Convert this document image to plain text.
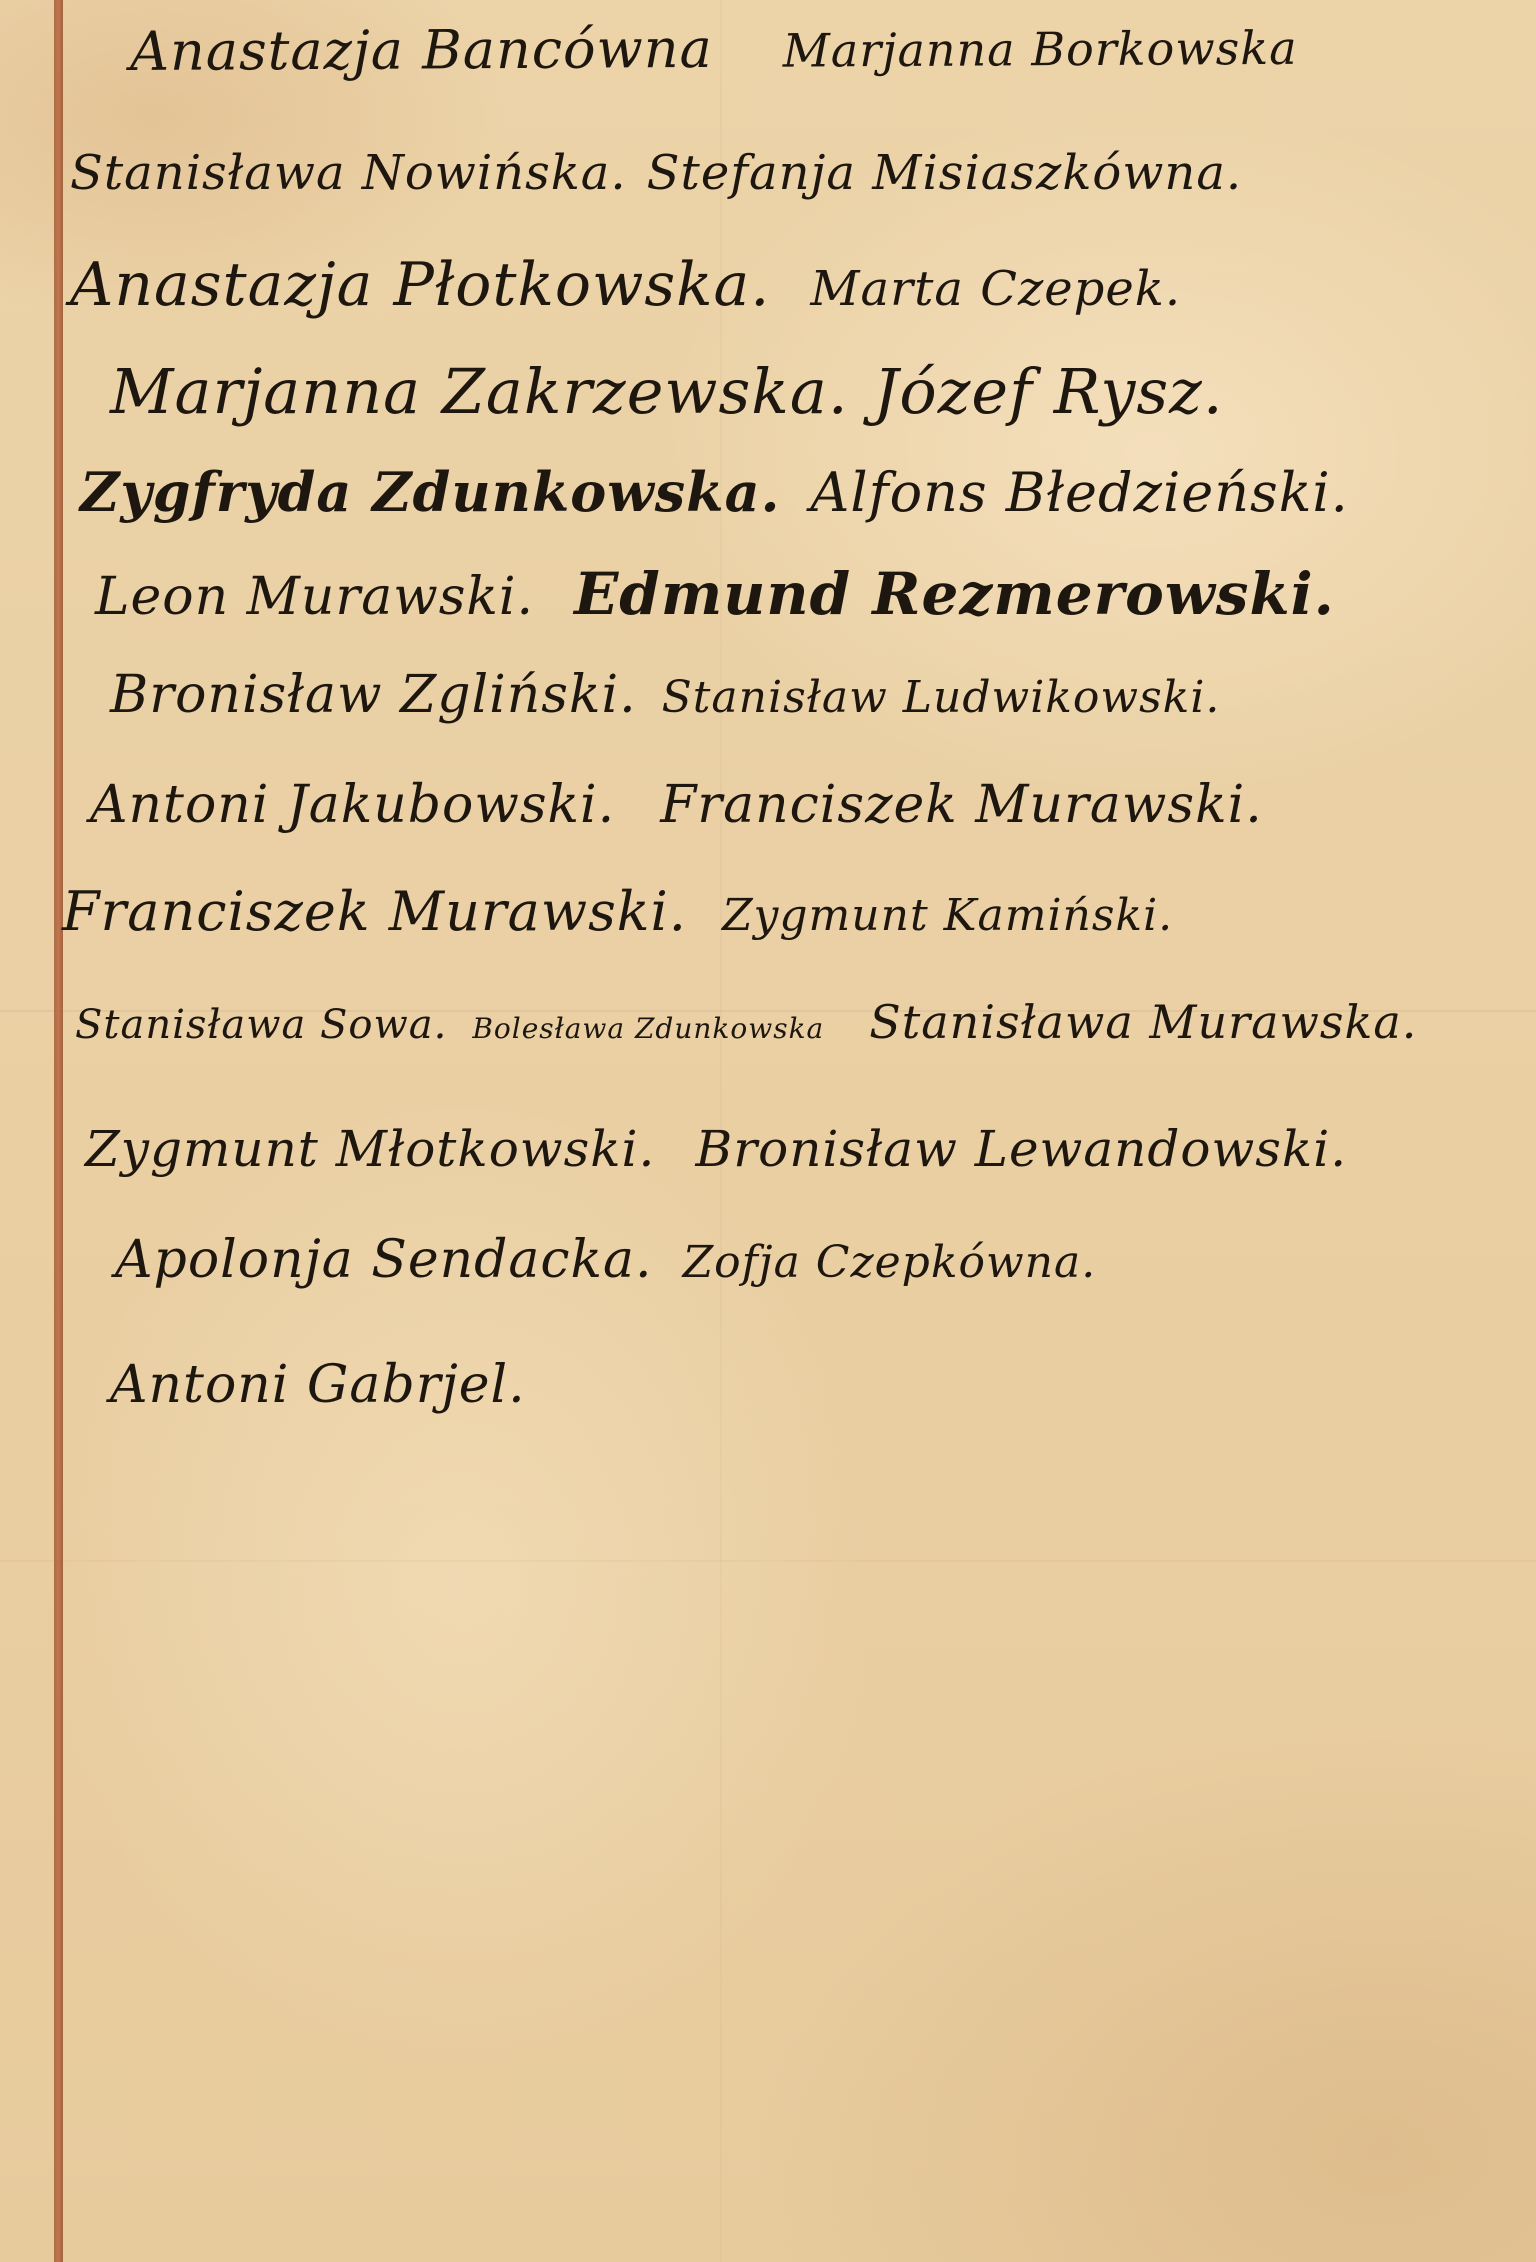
Anastazja Bancówna Marjanna Borkowska
Stanisława Nowińska. Stefanja Misiaszkówna.
Anastazja Płotkowska. Marta Czepek.
Marjanna Zakrzewska. Józef Rysz.
Zygfryda Zdunkowska. Alfons Błedzieński.
Leon Murawski. Edmund Rezmerowski.
Bronisław Zgliński. Stanisław Ludwikowski.
Antoni Jakubowski. Franciszek Murawski.
Franciszek Murawski. Zygmunt Kamiński.
Stanisława Sowa. Bolesława Zdunkowska Stanisława Murawska.
Zygmunt Młotkowski. Bronisław Lewandowski.
Apolonja Sendacka. Zofja Czepkówna.
Antoni Gabrjel.
